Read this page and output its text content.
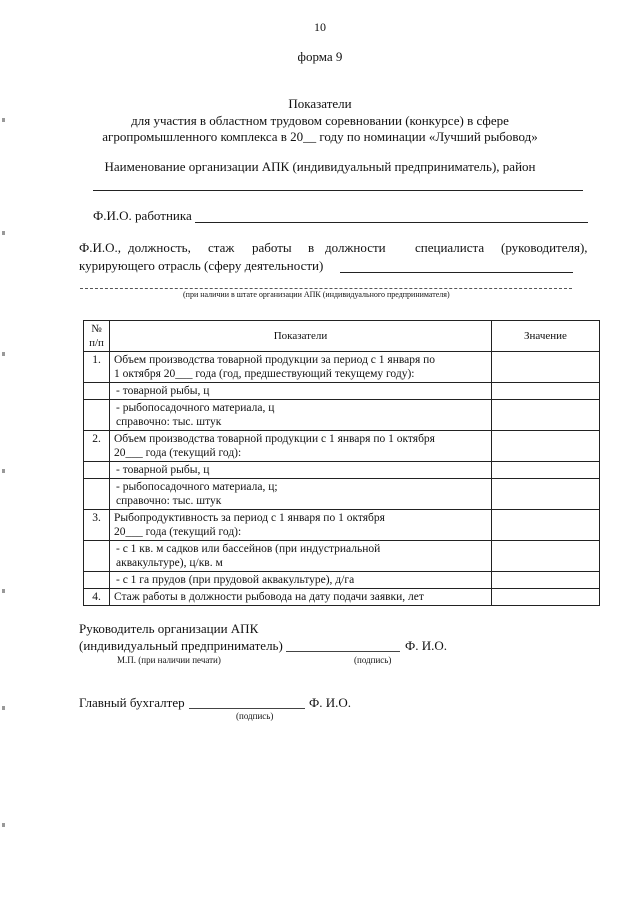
10
форма 9
Показатели
для участия в областном трудовом соревновании (конкурсе) в сфере
агропромышленного комплекса в 20__ году по номинации «Лучший рыбовод»
Наименование организации АПК (индивидуальный предприниматель), район
Ф.И.О. работника
Ф.И.О., должность, стаж работы в должности специалиста (руководителя),
курирующего отрасль (сферу деятельности)
(при наличии в штате организации АПК (индивидуального предпринимателя)
№
п/п	Показатели	Значение
1.	Объем производства товарной продукции за период с 1 января по
1 октября 20___ года (год, предшествующий текущему году):	
	- товарной рыбы, ц	
	- рыбопосадочного материала, ц
справочно: тыс. штук	
2.	Объем производства товарной продукции с 1 января по 1 октября
20___ года (текущий год):	
	- товарной рыбы, ц	
	- рыбопосадочного материала, ц;
справочно: тыс. штук	
3.	Рыбопродуктивность за период с 1 января по 1 октября
20___ года (текущий год):	
	- с 1 кв. м садков или бассейнов (при индустриальной
аквакультуре), ц/кв. м	
	- с 1 га прудов (при прудовой аквакультуре), д/га	
4.	Стаж работы в должности рыбовода на дату подачи заявки, лет	
Руководитель организации АПК
(индивидуальный предприниматель)	Ф. И.О.
М.П. (при наличии печати)	(подпись)
Главный бухгалтер	Ф. И.О.
(подпись)
